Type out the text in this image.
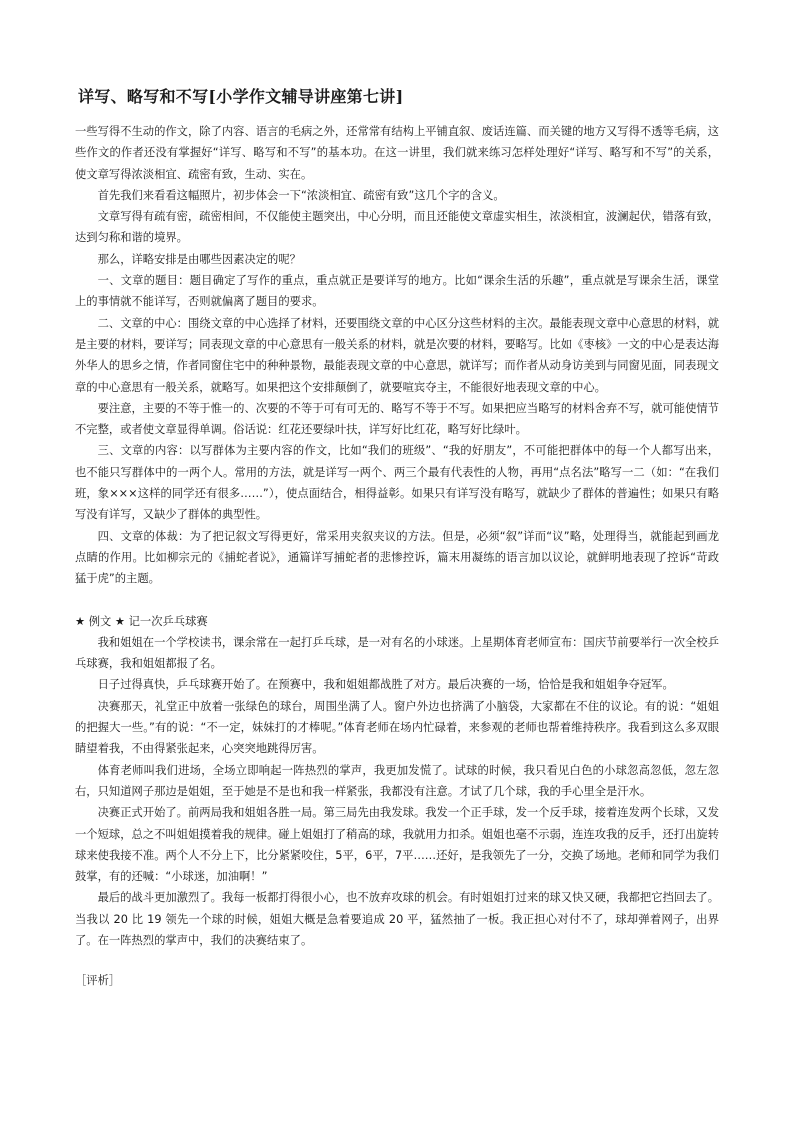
详写、略写和不写[小学作文辅导讲座第七讲]

一些写得不生动的作文，除了内容、语言的毛病之外，还常常有结构上平铺直叙、废话连篇、而关键的地方又写得不透等毛病，这些作文的作者还没有掌握好“详写、略写和不写”的基本功。在这一讲里，我们就来练习怎样处理好“详写、略写和不写”的关系，使文章写得浓淡相宜、疏密有致，生动、实在。

首先我们来看看这幅照片，初步体会一下“浓淡相宜、疏密有致”这几个字的含义。

文章写得有疏有密，疏密相间，不仅能使主题突出，中心分明，而且还能使文章虚实相生，浓淡相宜，波澜起伏，错落有致，达到匀称和谐的境界。

那么，详略安排是由哪些因素决定的呢？

一、文章的题目：题目确定了写作的重点，重点就正是要详写的地方。比如“课余生活的乐趣”，重点就是写课余生活，课堂上的事情就不能详写，否则就偏离了题目的要求。

二、文章的中心：围绕文章的中心选择了材料，还要围绕文章的中心区分这些材料的主次。最能表现文章中心意思的材料，就是主要的材料，要详写；同表现文章的中心意思有一般关系的材料，就是次要的材料，要略写。比如《枣核》一文的中心是表达海外华人的思乡之情，作者同窗住宅中的种种景物，最能表现文章的中心意思，就详写；而作者从动身访美到与同窗见面，同表现文章的中心意思有一般关系，就略写。如果把这个安排颠倒了，就要喧宾夺主，不能很好地表现文章的中心。

要注意，主要的不等于惟一的、次要的不等于可有可无的、略写不等于不写。如果把应当略写的材料舍弃不写，就可能使情节不完整，或者使文章显得单调。俗话说：红花还要绿叶扶，详写好比红花，略写好比绿叶。

三、文章的内容：以写群体为主要内容的作文，比如“我们的班级”、“我的好朋友”，不可能把群体中的每一个人都写出来，也不能只写群体中的一两个人。常用的方法，就是详写一两个、两三个最有代表性的人物，再用“点名法”略写一二（如：“在我们班，象×××这样的同学还有很多……”），使点面结合，相得益彰。如果只有详写没有略写，就缺少了群体的普遍性；如果只有略写没有详写，又缺少了群体的典型性。

四、文章的体裁：为了把记叙文写得更好，常采用夹叙夹议的方法。但是，必须“叙”详而“议”略，处理得当，就能起到画龙点睛的作用。比如柳宗元的《捕蛇者说》，通篇详写捕蛇者的悲惨控诉，篇末用凝练的语言加以议论，就鲜明地表现了控诉“苛政猛于虎”的主题。

★ 例文 ★ 记一次乒乓球赛

我和姐姐在一个学校读书，课余常在一起打乒乓球，是一对有名的小球迷。上星期体育老师宣布：国庆节前要举行一次全校乒乓球赛，我和姐姐都报了名。

日子过得真快，乒乓球赛开始了。在预赛中，我和姐姐都战胜了对方。最后决赛的一场，恰恰是我和姐姐争夺冠军。

决赛那天，礼堂正中放着一张绿色的球台，周围坐满了人。窗户外边也挤满了小脑袋，大家都在不住的议论。有的说：“姐姐的把握大一些。”有的说：“不一定，妹妹打的才棒呢。”体育老师在场内忙碌着，来参观的老师也帮着维持秩序。我看到这么多双眼睛望着我，不由得紧张起来，心突突地跳得厉害。

体育老师叫我们进场，全场立即响起一阵热烈的掌声，我更加发慌了。试球的时候，我只看见白色的小球忽高忽低，忽左忽右，只知道网子那边是姐姐，至于她是不是也和我一样紧张，我都没有注意。才试了几个球，我的手心里全是汗水。

决赛正式开始了。前两局我和姐姐各胜一局。第三局先由我发球。我发一个正手球，发一个反手球，接着连发两个长球，又发一个短球，总之不叫姐姐摸着我的规律。碰上姐姐打了稍高的球，我就用力扣杀。姐姐也毫不示弱，连连攻我的反手，还打出旋转球来使我接不准。两个人不分上下，比分紧紧咬住，5平，6平，7平……还好，是我领先了一分，交换了场地。老师和同学为我们鼓掌，有的还喊：“小球迷，加油啊！”

最后的战斗更加激烈了。我每一板都打得很小心，也不放弃攻球的机会。有时姐姐打过来的球又快又硬，我都把它挡回去了。当我以 20 比 19 领先一个球的时候，姐姐大概是急着要追成 20 平，猛然抽了一板。我正担心对付不了，球却弹着网子，出界了。在一阵热烈的掌声中，我们的决赛结束了。

［评析］
